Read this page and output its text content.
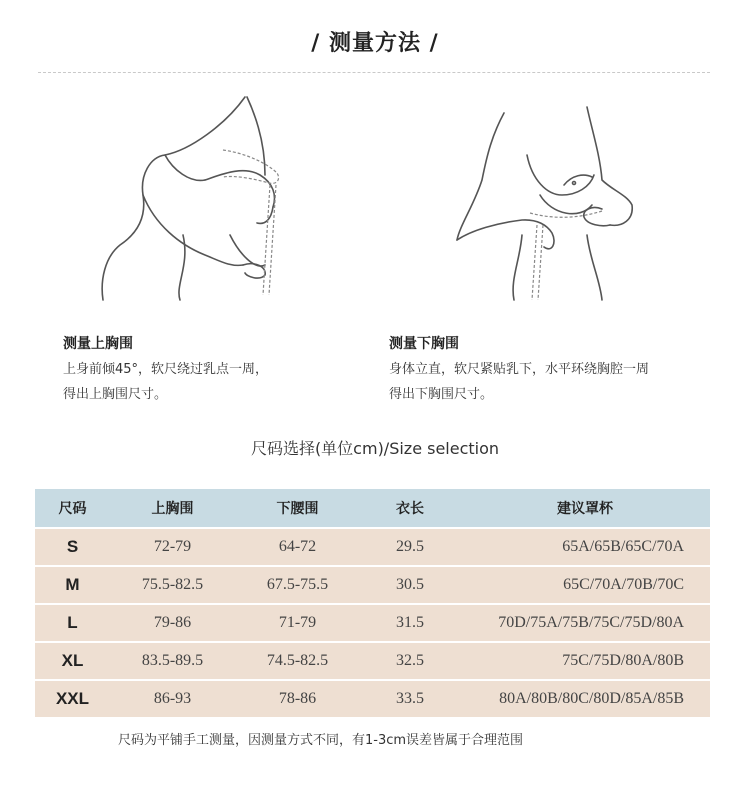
/ 测量方法 /
测量上胸围
上身前倾45°，软尺绕过乳点一周，
得出上胸围尺寸。
测量下胸围
身体立直，软尺紧贴乳下，水平环绕胸腔一周
得出下胸围尺寸。
尺码选择(单位cm)/Size selection
尺码	上胸围	下腰围	衣长	建议罩杯
S	72-79	64-72	29.5	65A/65B/65C/70A
M	75.5-82.5	67.5-75.5	30.5	65C/70A/70B/70C
L	79-86	71-79	31.5	70D/75A/75B/75C/75D/80A
XL	83.5-89.5	74.5-82.5	32.5	75C/75D/80A/80B
XXL	86-93	78-86	33.5	80A/80B/80C/80D/85A/85B
尺码为平铺手工测量，因测量方式不同，有1-3cm误差皆属于合理范围
